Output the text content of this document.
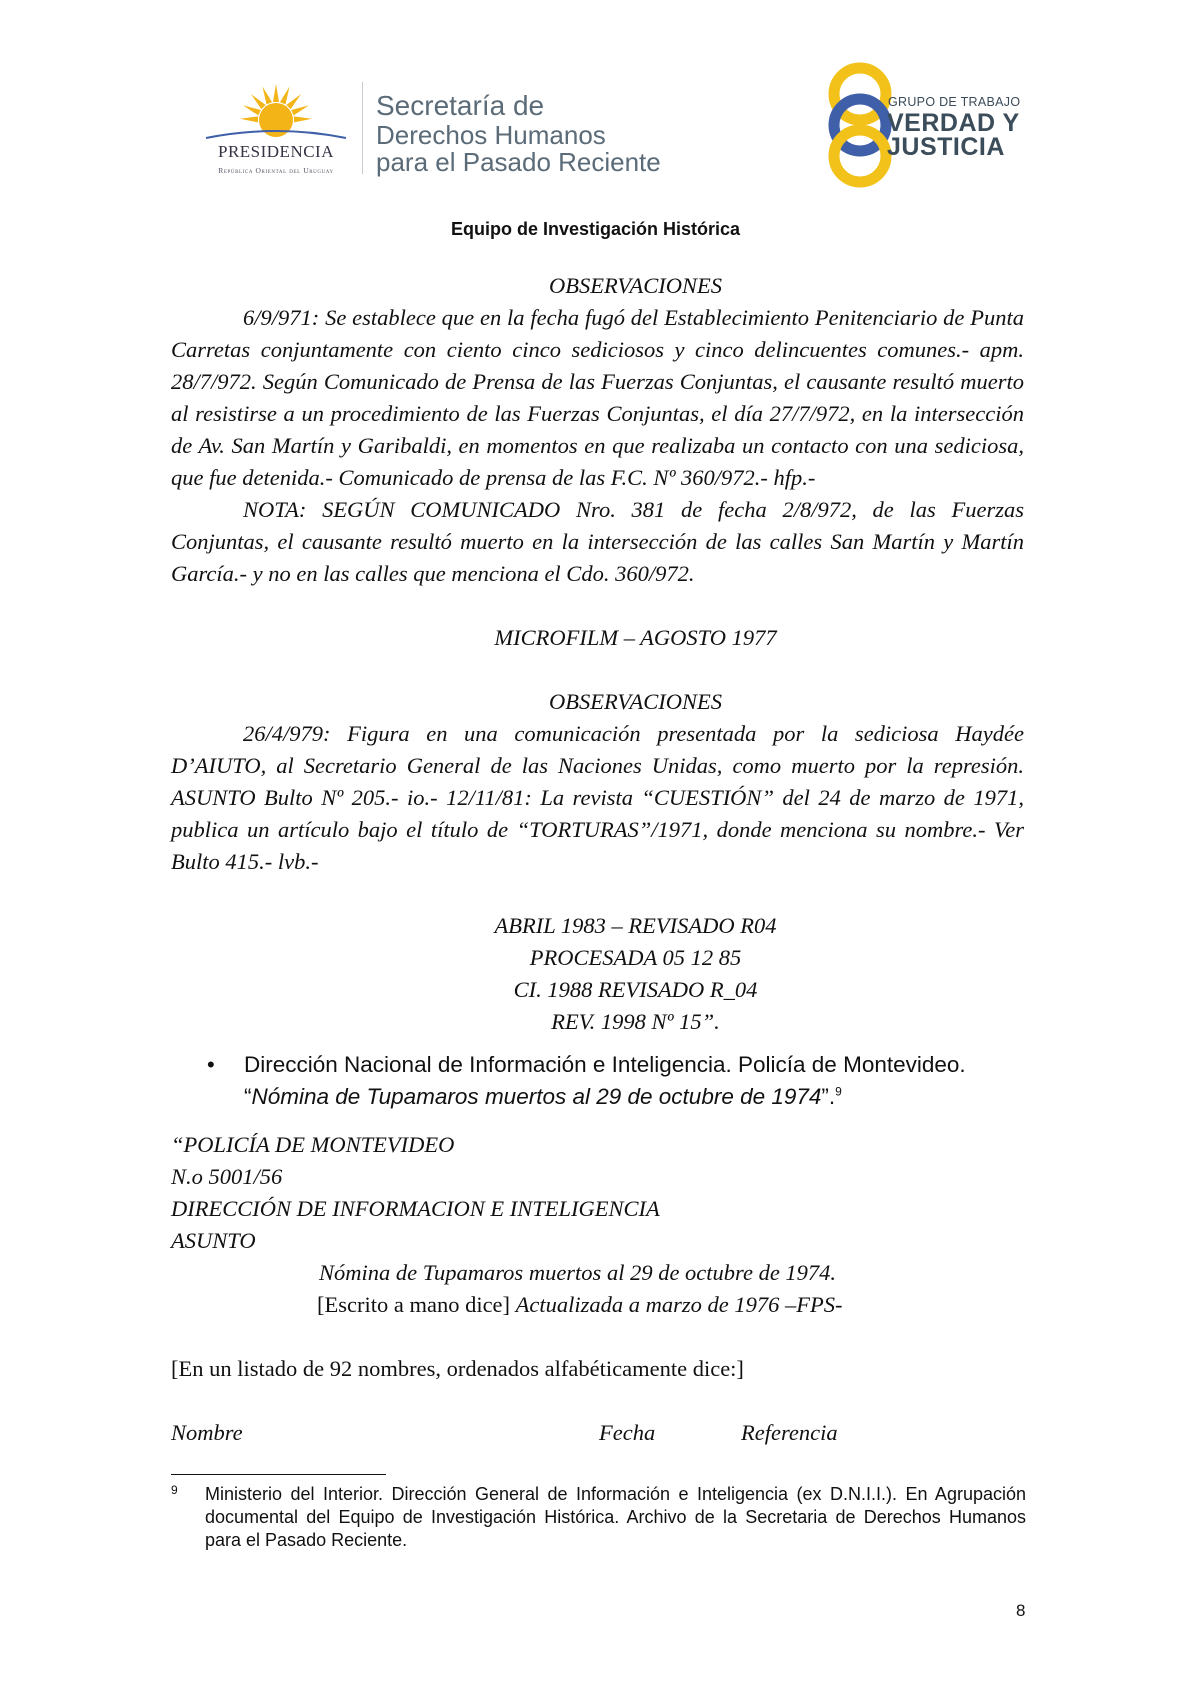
PRESIDENCIA
República Oriental del Uruguay
Secretaría de
Derechos Humanos
para el Pasado Reciente
GRUPO DE TRABAJO
VERDAD Y
JUSTICIA
Equipo de Investigación Histórica
OBSERVACIONES

6/9/971: Se establece que en la fecha fugó del Establecimiento Penitenciario de Punta Carretas conjuntamente con ciento cinco sediciosos y cinco delincuentes comunes.- apm. 28/7/972. Según Comunicado de Prensa de las Fuerzas Conjuntas, el causante resultó muerto al resistirse a un procedimiento de las Fuerzas Conjuntas, el día 27/7/972, en la intersección de Av. San Martín y Garibaldi, en momentos en que realizaba un contacto con una sediciosa, que fue detenida.- Comunicado de prensa de las F.C. Nº 360/972.- hfp.-

NOTA: SEGÚN COMUNICADO Nro. 381 de fecha 2/8/972, de las Fuerzas Conjuntas, el causante resultó muerto en la intersección de las calles San Martín y Martín García.- y no en las calles que menciona el Cdo. 360/972.

MICROFILM – AGOSTO 1977
OBSERVACIONES

26/4/979: Figura en una comunicación presentada por la sediciosa Haydée D’AIUTO, al Secretario General de las Naciones Unidas, como muerto por la represión. ASUNTO Bulto Nº 205.- io.- 12/11/81: La revista “CUESTIÓN” del 24 de marzo de 1971, publica un artículo bajo el título de “TORTURAS”/1971, donde menciona su nombre.- Ver Bulto 415.- lvb.-

ABRIL 1983 – REVISADO R04
PROCESADA 05 12 85
CI. 1988 REVISADO R_04
REV. 1998 Nº 15”.
• Dirección Nacional de Información e Inteligencia. Policía de Montevideo.
“Nómina de Tupamaros muertos al 29 de octubre de 1974”.$^9$
“POLICÍA DE MONTEVIDEO
N.o 5001/56
DIRECCIÓN DE INFORMACION E INTELIGENCIA
ASUNTO
Nómina de Tupamaros muertos al 29 de octubre de 1974.
[Escrito a mano dice] Actualizada a marzo de 1976 –FPS-
[En un listado de 92 nombres, ordenados alfabéticamente dice:]
Nombre	Fecha	Referencia
9 Ministerio del Interior. Dirección General de Información e Inteligencia (ex D.N.I.I.). En Agrupación documental del Equipo de Investigación Histórica. Archivo de la Secretaria de Derechos Humanos para el Pasado Reciente.
8
